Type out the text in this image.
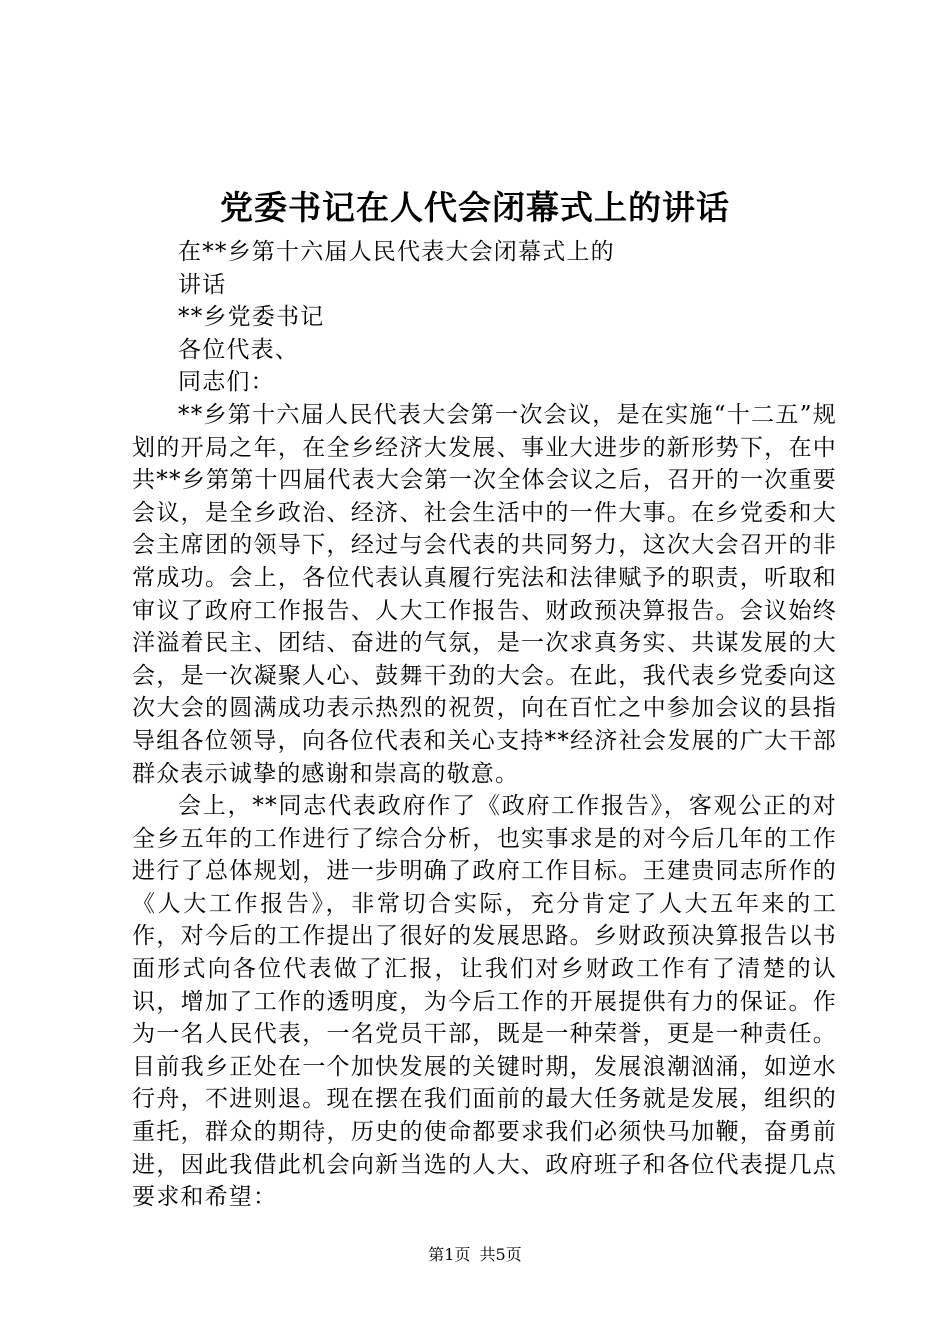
党委书记在人代会闭幕式上的讲话
在**乡第十六届人民代表大会闭幕式上的
讲话
**乡党委书记
各位代表、
同志们：
**乡第十六届人民代表大会第一次会议，是在实施“十二五”规划的开局之年，在全乡经济大发展、事业大进步的新形势下，在中共**乡第第十四届代表大会第一次全体会议之后，召开的一次重要会议，是全乡政治、经济、社会生活中的一件大事。在乡党委和大会主席团的领导下，经过与会代表的共同努力，这次大会召开的非常成功。会上，各位代表认真履行宪法和法律赋予的职责，听取和审议了政府工作报告、人大工作报告、财政预决算报告。会议始终洋溢着民主、团结、奋进的气氛，是一次求真务实、共谋发展的大会，是一次凝聚人心、鼓舞干劲的大会。在此，我代表乡党委向这次大会的圆满成功表示热烈的祝贺，向在百忙之中参加会议的县指导组各位领导，向各位代表和关心支持**经济社会发展的广大干部群众表示诚挚的感谢和崇高的敬意。
会上，**同志代表政府作了《政府工作报告》，客观公正的对全乡五年的工作进行了综合分析，也实事求是的对今后几年的工作进行了总体规划，进一步明确了政府工作目标。王建贵同志所作的《人大工作报告》，非常切合实际，充分肯定了人大五年来的工作，对今后的工作提出了很好的发展思路。乡财政预决算报告以书面形式向各位代表做了汇报，让我们对乡财政工作有了清楚的认识，增加了工作的透明度，为今后工作的开展提供有力的保证。作为一名人民代表，一名党员干部，既是一种荣誉，更是一种责任。目前我乡正处在一个加快发展的关键时期，发展浪潮汹涌，如逆水行舟，不进则退。现在摆在我们面前的最大任务就是发展，组织的重托，群众的期待，历史的使命都要求我们必须快马加鞭，奋勇前进，因此我借此机会向新当选的人大、政府班子和各位代表提几点要求和希望：
第1页 共5页
